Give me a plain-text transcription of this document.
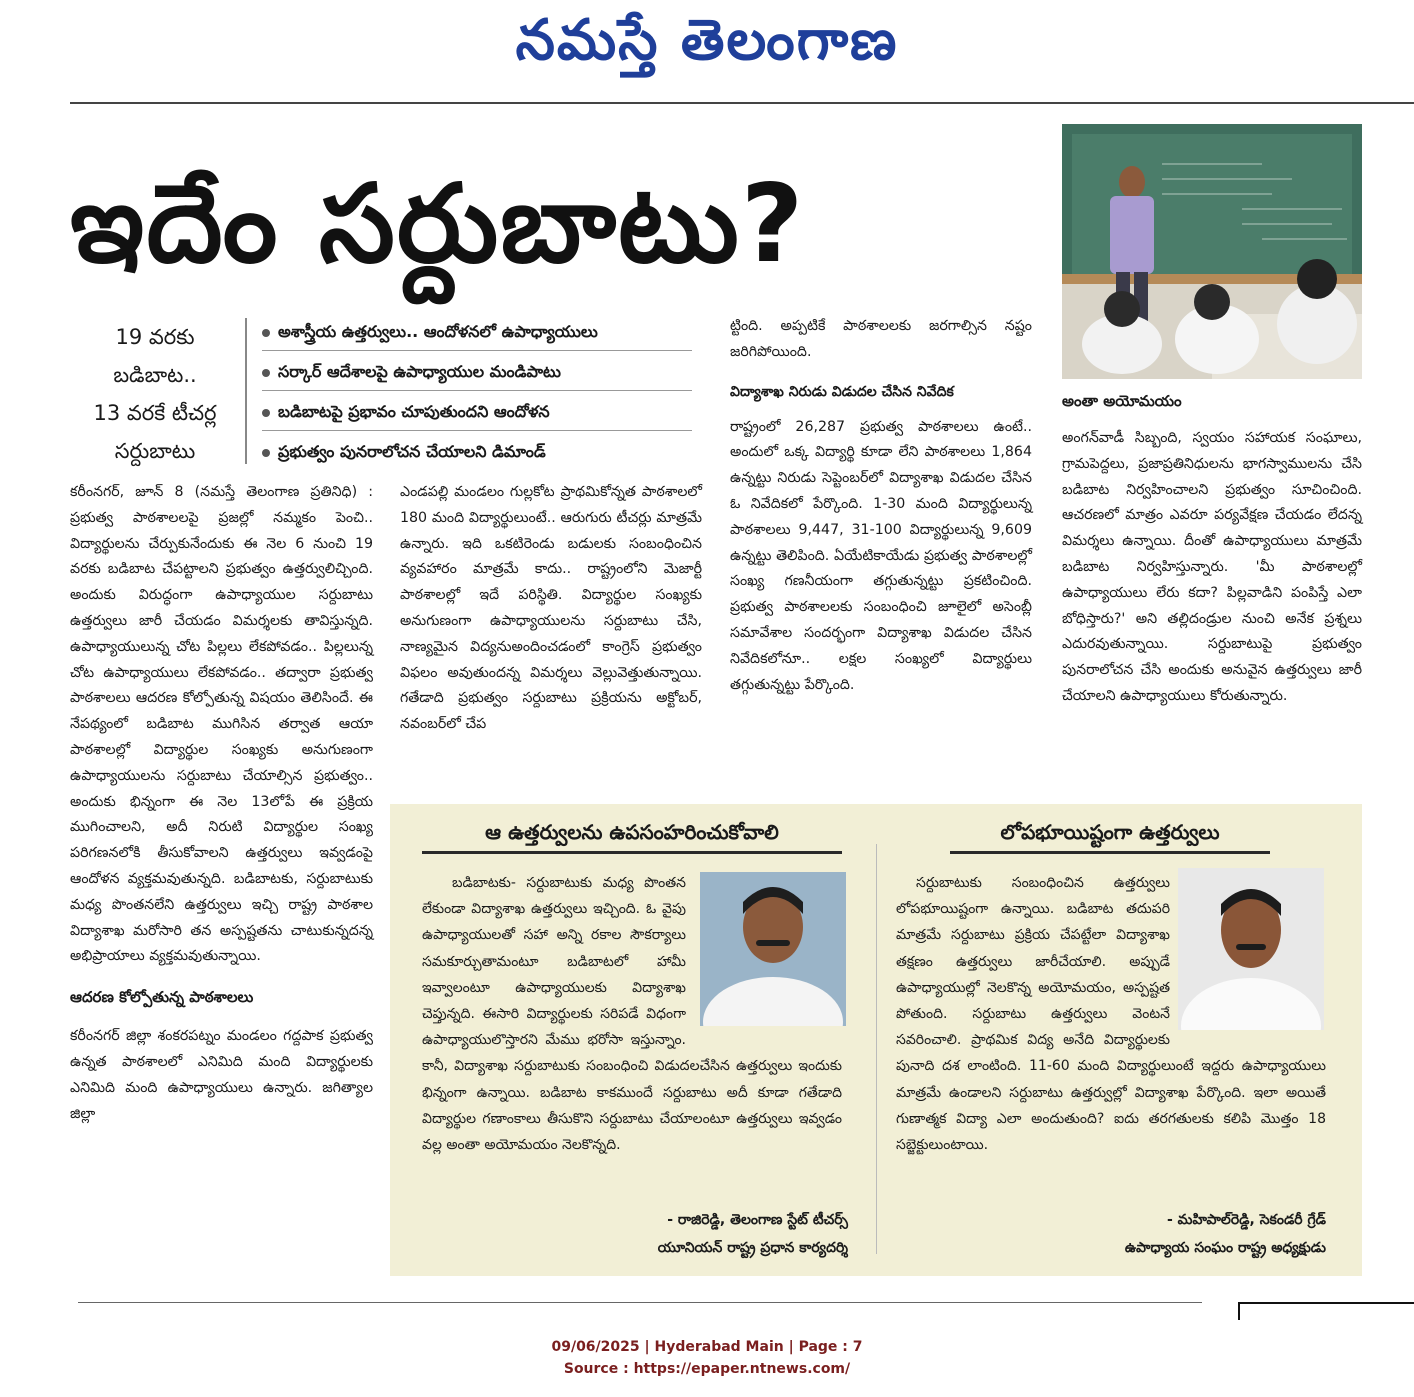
నమస్తే తెలంగాణ
ఇదేం సర్దుబాటు?
అంతా అయోమయం
19 వరకు
బడిబాట..
13 వరకే టీచర్ల
సర్దుబాటు
అశాస్త్రీయ ఉత్తర్వులు.. ఆందోళనలో ఉపాధ్యాయులు
సర్కార్‌ ఆదేశాలపై ఉపాధ్యాయుల మండిపాటు
బడిబాటపై ప్రభావం చూపుతుందని ఆందోళన
ప్రభుత్వం పునరాలోచన చేయాలని డిమాండ్‌
కరీంనగర్‌, జూన్‌ 8 (నమస్తే తెలంగాణ ప్రతినిధి) : ప్రభుత్వ పాఠశాలలపై ప్రజల్లో నమ్మకం పెంచి.. విద్యార్థులను చేర్పుకునేందుకు ఈ నెల 6 నుంచి 19 వరకు బడిబాట చేపట్టాలని ప్రభుత్వం ఉత్తర్వులిచ్చింది. అందుకు విరుద్ధంగా ఉపాధ్యాయుల సర్దుబాటు ఉత్తర్వులు జారీ చేయడం విమర్శలకు తావిస్తున్నది. ఉపాధ్యాయులున్న చోట పిల్లలు లేకపోవడం.. పిల్లలున్న చోట ఉపాధ్యాయులు లేకపోవడం.. తద్వారా ప్రభుత్వ పాఠశాలలు ఆదరణ కోల్పోతున్న విషయం తెలిసిందే. ఈ నేపథ్యంలో బడిబాట ముగిసిన తర్వాత ఆయా పాఠశాలల్లో విద్యార్థుల సంఖ్యకు అనుగుణంగా ఉపాధ్యాయులను సర్దుబాటు చేయాల్సిన ప్రభుత్వం.. అందుకు భిన్నంగా ఈ నెల 13లోపే ఈ ప్రక్రియ ముగించాలని, అదీ నిరుటి విద్యార్థుల సంఖ్య పరిగణనలోకి తీసుకోవాలని ఉత్తర్వులు ఇవ్వడంపై ఆందోళన వ్యక్తమవుతున్నది. బడిబాటకు, సర్దుబాటుకు మధ్య పొంతనలేని ఉత్తర్వులు ఇచ్చి రాష్ట్ర పాఠశాల విద్యాశాఖ మరోసారి తన అస్పష్టతను చాటుకున్నదన్న అభిప్రాయాలు వ్యక్తమవుతున్నాయి.
ఆదరణ కోల్పోతున్న పాఠశాలలు
కరీంనగర్‌ జిల్లా శంకరపట్నం మండలం గద్దపాక ప్రభుత్వ ఉన్నత పాఠశాలలో ఎనిమిది మంది విద్యార్థులకు ఎనిమిది మంది ఉపాధ్యాయులు ఉన్నారు. జగిత్యాల జిల్లా
ఎండపల్లి మండలం గుల్లకోట ప్రాథమికోన్నత పాఠశాలలో 180 మంది విద్యార్థులుంటే.. ఆరుగురు టీచర్లు మాత్రమే ఉన్నారు. ఇది ఒకటిరెండు బడులకు సంబంధించిన వ్యవహారం మాత్రమే కాదు.. రాష్ట్రంలోని మెజార్టీ పాఠశాలల్లో ఇదే పరిస్థితి. విద్యార్థుల సంఖ్యకు అనుగుణంగా ఉపాధ్యాయులను సర్దుబాటు చేసి, నాణ్యమైన విద్యనుఅందించడంలో కాంగ్రెస్‌ ప్రభుత్వం విఫలం అవుతుందన్న విమర్శలు వెల్లువెత్తుతున్నాయి. గతేడాది ప్రభుత్వం సర్దుబాటు ప్రక్రియను అక్టోబర్‌, నవంబర్‌లో చేప
ట్టింది. అప్పటికే పాఠశాలలకు జరగాల్సిన నష్టం జరిగిపోయింది.
విద్యాశాఖ నిరుడు విడుదల చేసిన నివేదిక
రాష్ట్రంలో 26,287 ప్రభుత్వ పాఠశాలలు ఉంటే.. అందులో ఒక్క విద్యార్థి కూడా లేని పాఠశాలలు 1,864 ఉన్నట్టు నిరుడు సెప్టెంబర్‌లో విద్యాశాఖ విడుదల చేసిన ఓ నివేదికలో పేర్కొంది. 1-30 మంది విద్యార్థులున్న పాఠశాలలు 9,447, 31-100 విద్యార్థులున్న 9,609 ఉన్నట్టు తెలిపింది. ఏయేటికాయేడు ప్రభుత్వ పాఠశాలల్లో సంఖ్య గణనీయంగా తగ్గుతున్నట్టు ప్రకటించింది. ప్రభుత్వ పాఠశాలలకు సంబంధించి జూలైలో అసెంబ్లీ సమావేశాల సందర్భంగా విద్యాశాఖ విడుదల చేసిన నివేదికలోనూ.. లక్షల సంఖ్యలో విద్యార్థులు తగ్గుతున్నట్టు పేర్కొంది.
అంగన్‌వాడీ సిబ్బంది, స్వయం సహాయక సంఘాలు, గ్రామపెద్దలు, ప్రజాప్రతినిధులను భాగస్వాములను చేసి బడిబాట నిర్వహించాలని ప్రభుత్వం సూచించింది. ఆచరణలో మాత్రం ఎవరూ పర్యవేక్షణ చేయడం లేదన్న విమర్శలు ఉన్నాయి. దీంతో ఉపాధ్యాయులు మాత్రమే బడిబాట నిర్వహిస్తున్నారు. 'మీ పాఠశాలల్లో ఉపాధ్యాయులు లేరు కదా? పిల్లవాడిని పంపిస్తే ఎలా బోధిస్తారు?' అని తల్లిదండ్రుల నుంచి అనేక ప్రశ్నలు ఎదురవుతున్నాయి. సర్దుబాటుపై ప్రభుత్వం పునరాలోచన చేసి అందుకు అనువైన ఉత్తర్వులు జారీ చేయాలని ఉపాధ్యాయులు కోరుతున్నారు.
ఆ ఉత్తర్వులను ఉపసంహరించుకోవాలి
బడిబాటకు- సర్దుబాటుకు మధ్య పొంతన లేకుండా విద్యాశాఖ ఉత్తర్వులు ఇచ్చింది. ఓ వైపు ఉపాధ్యాయులతో సహా అన్ని రకాల సౌకర్యాలు సమకూర్చుతామంటూ బడిబాటలో హామీ ఇవ్వాలంటూ ఉపాధ్యాయులకు విద్యాశాఖ చెప్తున్నది. ఈసారి విద్యార్థులకు సరిపడే విధంగా ఉపాధ్యాయులొస్తారని మేము భరోసా ఇస్తున్నాం. కానీ, విద్యాశాఖ సర్దుబాటుకు సంబంధించి విడుదలచేసిన ఉత్తర్వులు ఇందుకు భిన్నంగా ఉన్నాయి. బడిబాట కాకముందే సర్దుబాటు అదీ కూడా గతేడాది విద్యార్థుల గణాంకాలు తీసుకొని సర్దుబాటు చేయాలంటూ ఉత్తర్వులు ఇవ్వడం వల్ల అంతా అయోమయం నెలకొన్నది.
- రాజిరెడ్డి, తెలంగాణ స్టేట్‌ టీచర్స్‌
యూనియన్‌ రాష్ట్ర ప్రధాన కార్యదర్శి
లోపభూయిష్టంగా ఉత్తర్వులు
సర్దుబాటుకు సంబంధించిన ఉత్తర్వులు లోపభూయిష్టంగా ఉన్నాయి. బడిబాట తదుపరి మాత్రమే సర్దుబాటు ప్రక్రియ చేపట్టేలా విద్యాశాఖ తక్షణం ఉత్తర్వులు జారీచేయాలి. అప్పుడే ఉపాధ్యాయుల్లో నెలకొన్న అయోమయం, అస్పష్టత పోతుంది. సర్దుబాటు ఉత్తర్వులు వెంటనే సవరించాలి. ప్రాథమిక విద్య అనేది విద్యార్థులకు పునాది దశ లాంటింది. 11-60 మంది విద్యార్థులుంటే ఇద్దరు ఉపాధ్యాయులు మాత్రమే ఉండాలని సర్దుబాటు ఉత్తర్వుల్లో విద్యాశాఖ పేర్కొంది. ఇలా అయితే గుణాత్మక విద్యా ఎలా అందుతుంది? ఐదు తరగతులకు కలిపి మొత్తం 18 సబ్జెక్టులుంటాయి.
- మహిపాల్‌రెడ్డి, సెకండరీ గ్రేడ్‌
ఉపాధ్యాయ సంఘం రాష్ట్ర అధ్యక్షుడు
09/06/2025 | Hyderabad Main | Page : 7
Source : https://epaper.ntnews.com/
